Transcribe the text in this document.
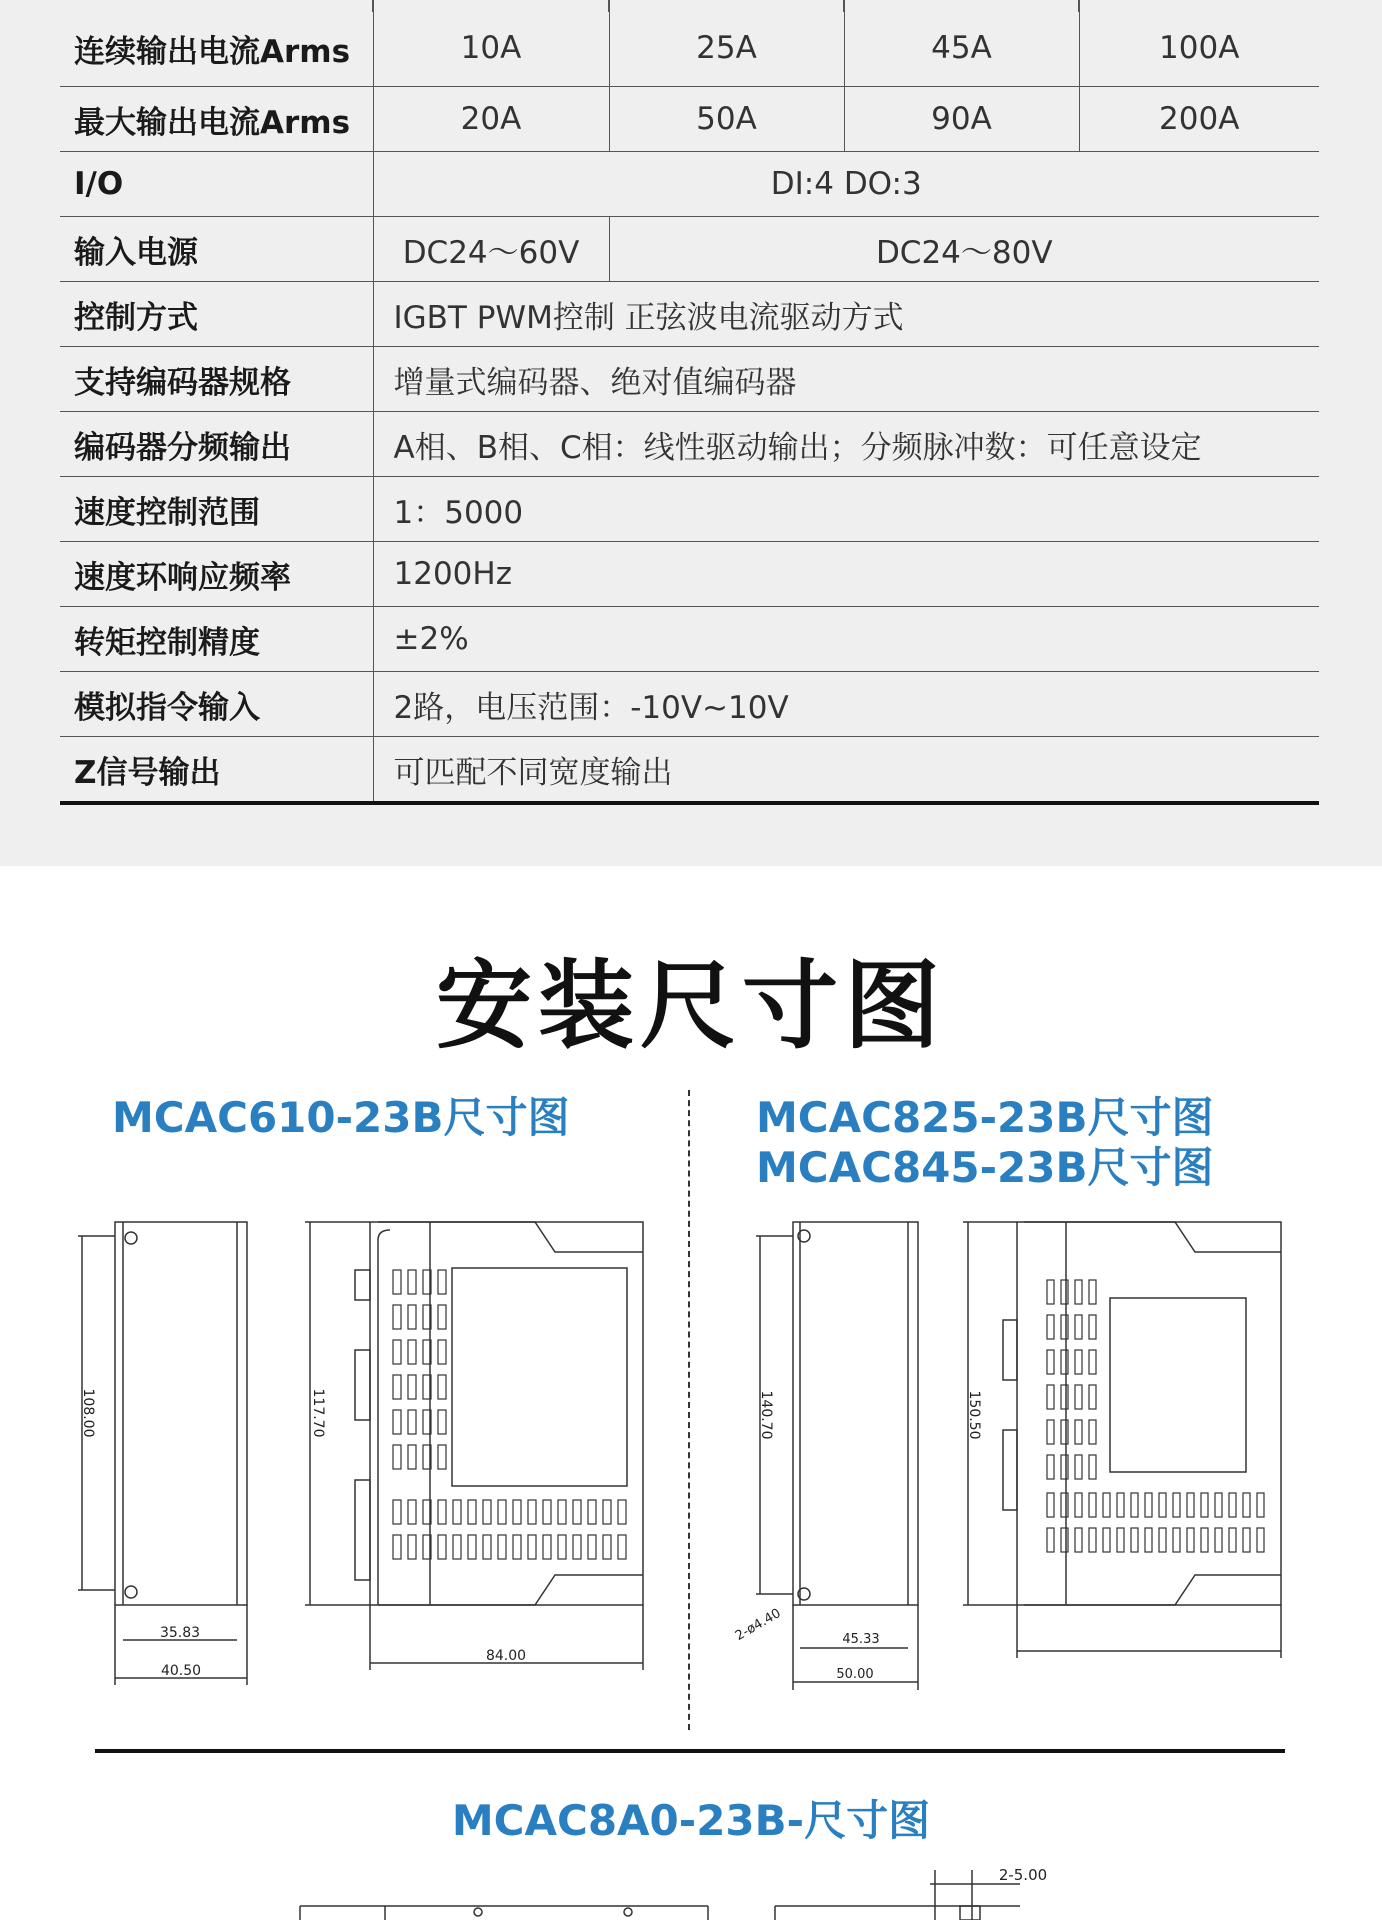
连续输出电流Arms	10A	25A	45A	100A
最大输出电流Arms	20A	50A	90A	200A
I/O	DI:4 DO:3			
输入电源	DC24～60V	DC24～80V		
控制方式	IGBT PWM控制 正弦波电流驱动方式			
支持编码器规格	增量式编码器、绝对值编码器			
编码器分频输出	A相、B相、C相：线性驱动输出；分频脉冲数：可任意设定			
速度控制范围	1：5000			
速度环响应频率	1200Hz			
转矩控制精度	±2%			
模拟指令输入	2路，电压范围：-10V~10V			
Z信号输出	可匹配不同宽度输出			
安装尺寸图
MCAC610-23B尺寸图	MCAC825-23B尺寸图
MCAC845-23B尺寸图
MCAC8A0-23B-尺寸图
108.00	117.70
35.83
40.50
84.00
140.70	150.50
45.33
50.00
2-ø4.40
2-5.00
